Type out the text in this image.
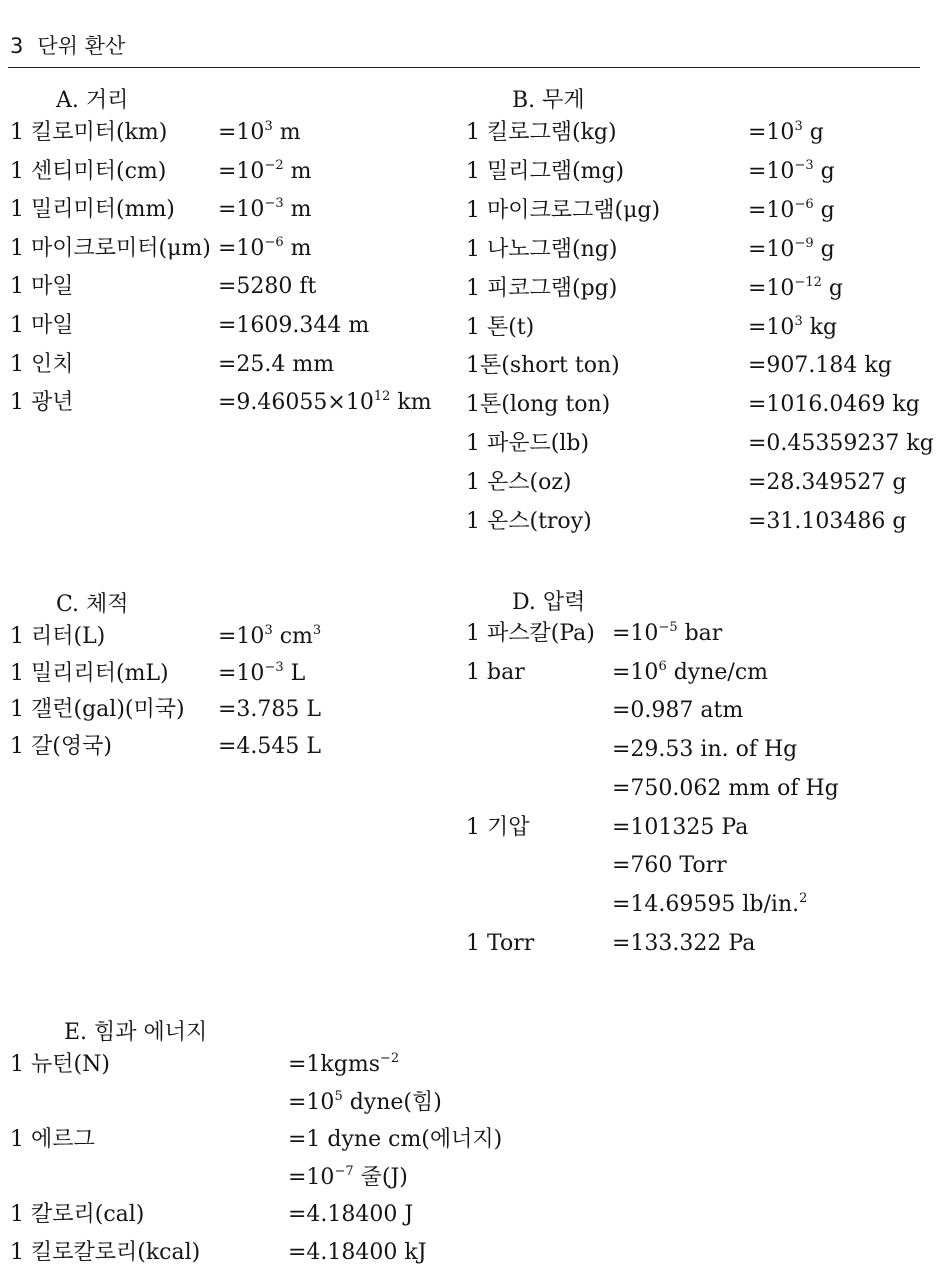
3 단위 환산
A. 거리	B. 무게
C. 체적	D. 압력
E. 힘과 에너지
1 킬로미터$(km) =10^3$ m
1 센티미터$(cm) =10^{-2}$ m
1 밀리미터$(mm) =10^{-3}$ m
1 마이크로미터$(\mu m) =10^{-6}$ m
1 마일	=5280 ft
1 마일	=1609.344 m
1 인치	=25.4 mm
1 광년	$=9.46055\times 10^{12}$ km
1 킬로그램(kg)	$=10^3$ g
1 밀리그램(mg)	$=10^{-3}$ g
1 마이크로그램(μg)	$=10^{-6}$ g
1 나노그램(ng)	$=10^{-9}$ g
1 피코그램(pg)	$=10^{-12}$ g
1 톤(t)	$=10^3$ kg
1톤(short ton)	=907.184 kg
1톤(long ton)	=1016.0469 kg
1 파운드(lb)	=0.45359237 kg
1 온스(oz)	=28.349527 g
1 온스(troy)	=31.103486 g
1 리터(L)	$=10^3$ $cm^3$
1 밀리리터$(mL) =10^{-3}$ L
1 갤런(gal)(미국) =3.785 L
1 갈(영국)	=4.545 L
1 파스칼$(Pa) =10^{-5}$ bar
1 bar	$=10^6$ dyne/cm
=0.987 atm
=29.53 in. of Hg
=750.062 mm of Hg
1 기압	=101325 Pa
=760 Torr
=14.69595 lb/in.$^2$
1 Torr	=133.322 Pa
1 뉴턴(N)	=1kgms$^{-2}$
$=10^5$ dyne(힘)
1 에르그	=1 dyne cm(에너지)
$=10^{-7}$ 줄(J)
1 칼로리(cal)	=4.18400 J
1 킬로칼로리(kcal)	=4.18400 kJ
